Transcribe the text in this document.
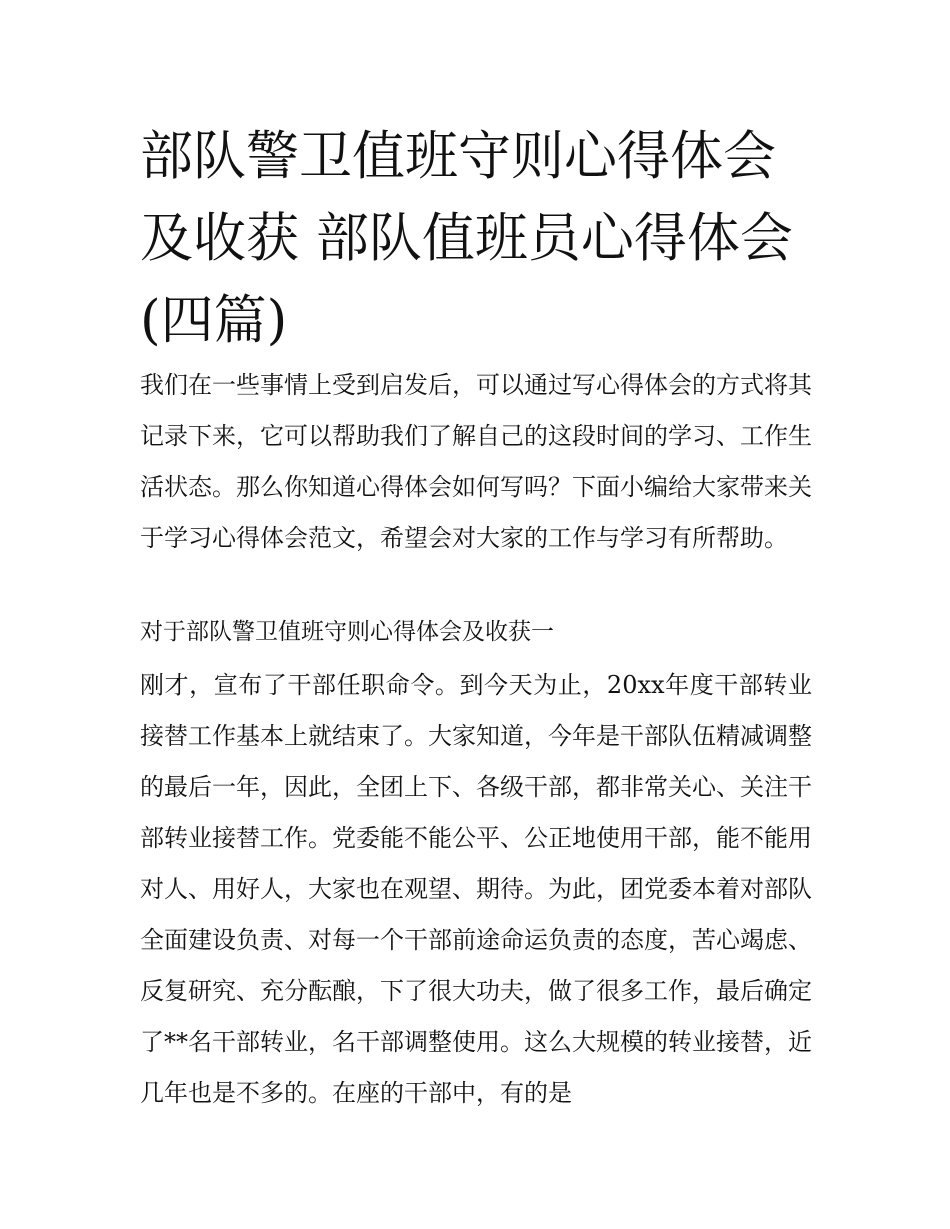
部队警卫值班守则心得体会及收获 部队值班员心得体会(四篇)

我们在一些事情上受到启发后，可以通过写心得体会的方式将其记录下来，它可以帮助我们了解自己的这段时间的学习、工作生活状态。那么你知道心得体会如何写吗？下面小编给大家带来关于学习心得体会范文，希望会对大家的工作与学习有所帮助。

对于部队警卫值班守则心得体会及收获一

刚才，宣布了干部任职命令。到今天为止，20xx年度干部转业接替工作基本上就结束了。大家知道，今年是干部队伍精减调整的最后一年，因此，全团上下、各级干部，都非常关心、关注干部转业接替工作。党委能不能公平、公正地使用干部，能不能用对人、用好人，大家也在观望、期待。为此，团党委本着对部队全面建设负责、对每一个干部前途命运负责的态度，苦心竭虑、反复研究、充分酝酿，下了很大功夫，做了很多工作，最后确定了**名干部转业，名干部调整使用。这么大规模的转业接替，近几年也是不多的。在座的干部中，有的是
